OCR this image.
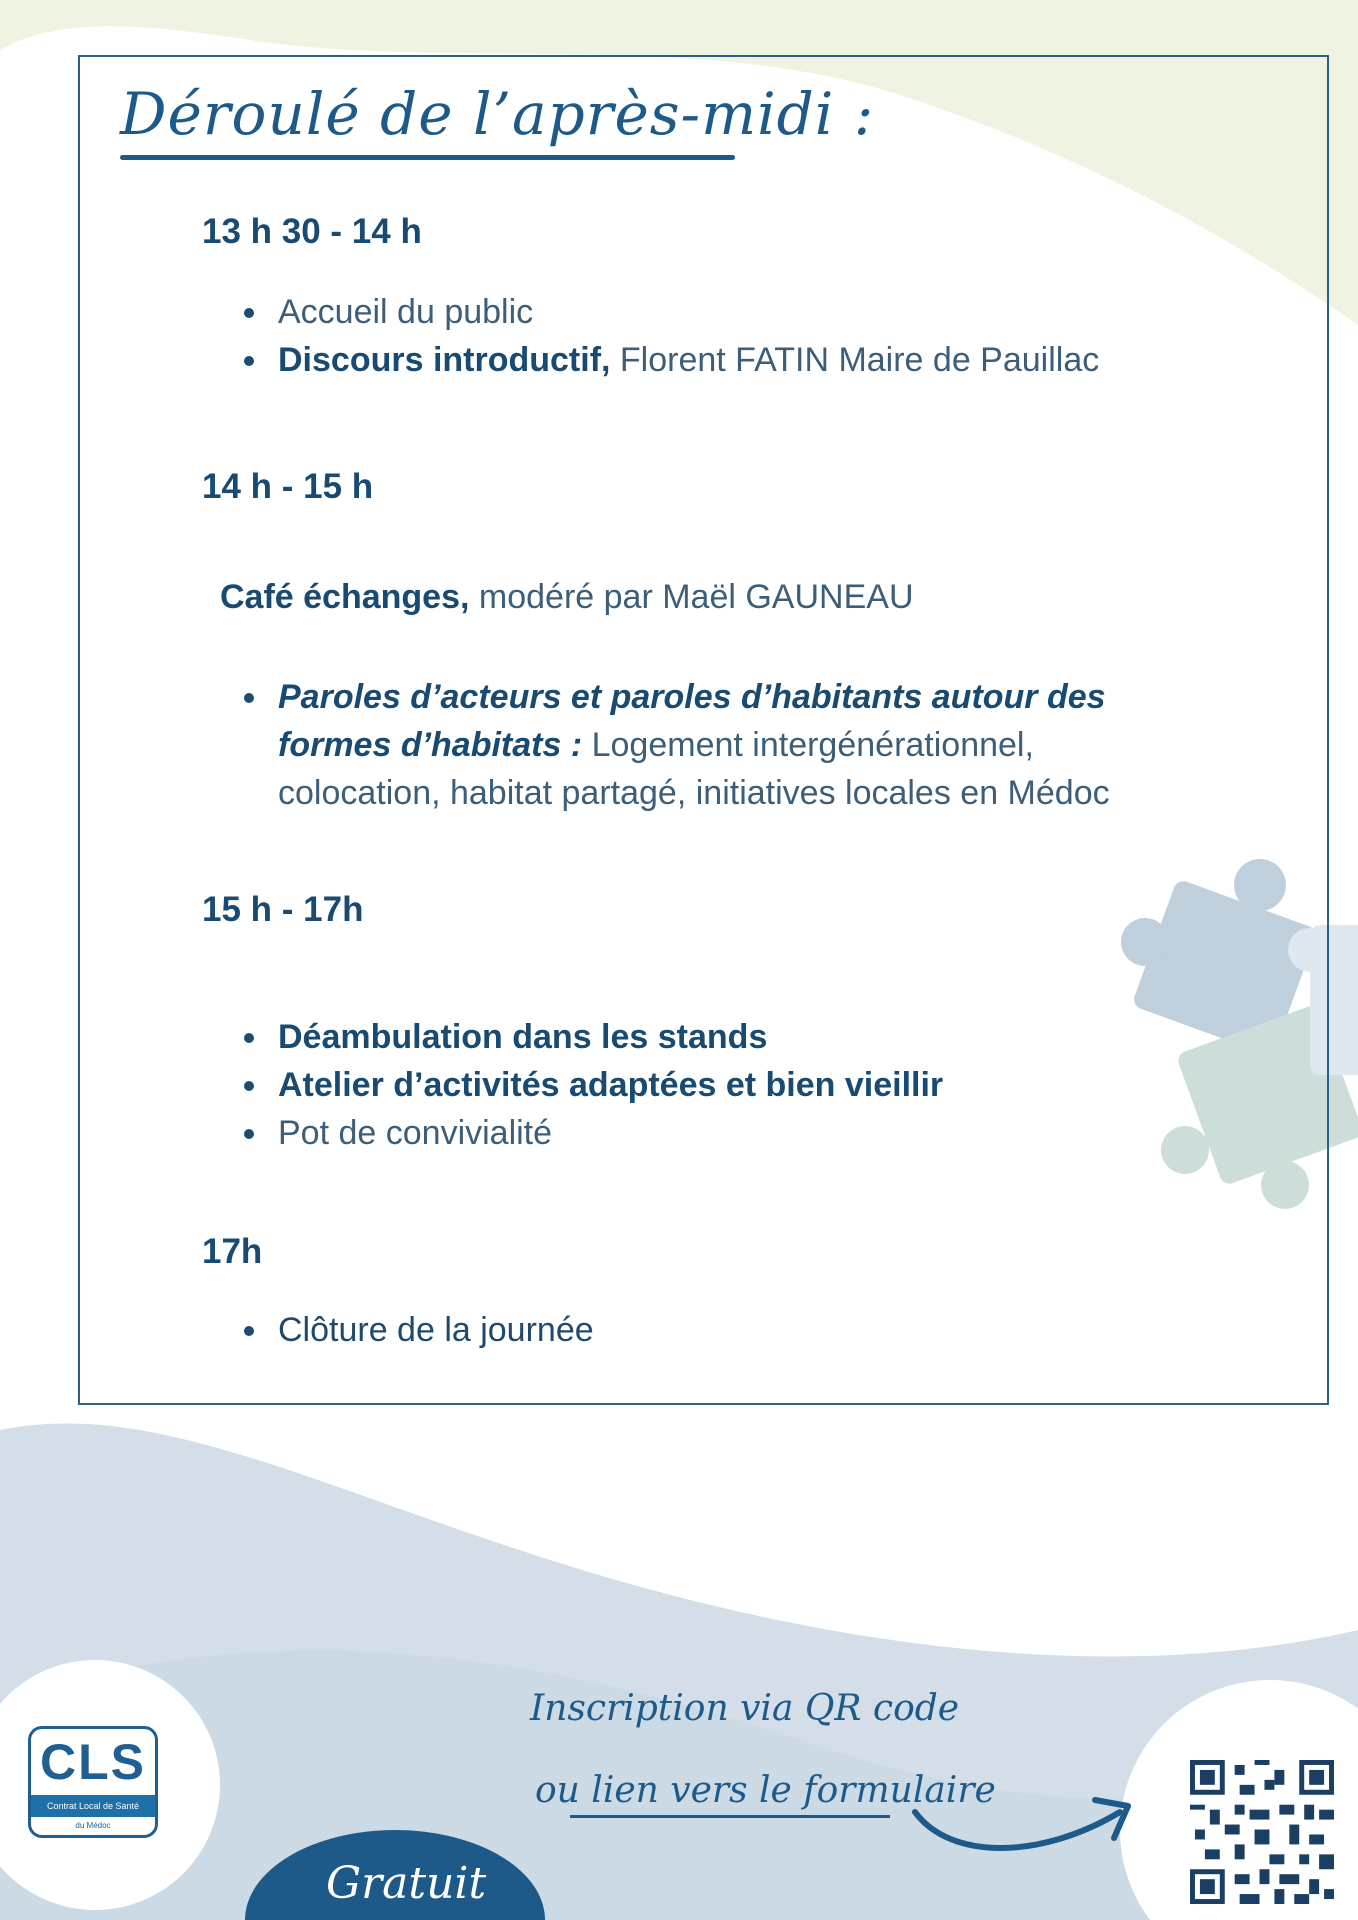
Déroulé de l’après-midi :
13 h 30 - 14 h
Accueil du public
Discours introductif, Florent FATIN Maire de Pauillac
14 h - 15 h
Café échanges, modéré par Maël GAUNEAU
Paroles d’acteurs et paroles d’habitants autour des formes d’habitats : Logement intergénérationnel, colocation, habitat partagé, initiatives locales en Médoc
15 h - 17h
Déambulation dans les stands
Atelier d’activités adaptées et bien vieillir
Pot de convivialité
17h
Clôture de la journée
CLS
Contrat Local de Santé
du Médoc
Inscription via QR code
ou lien vers le formulaire
Gratuit
